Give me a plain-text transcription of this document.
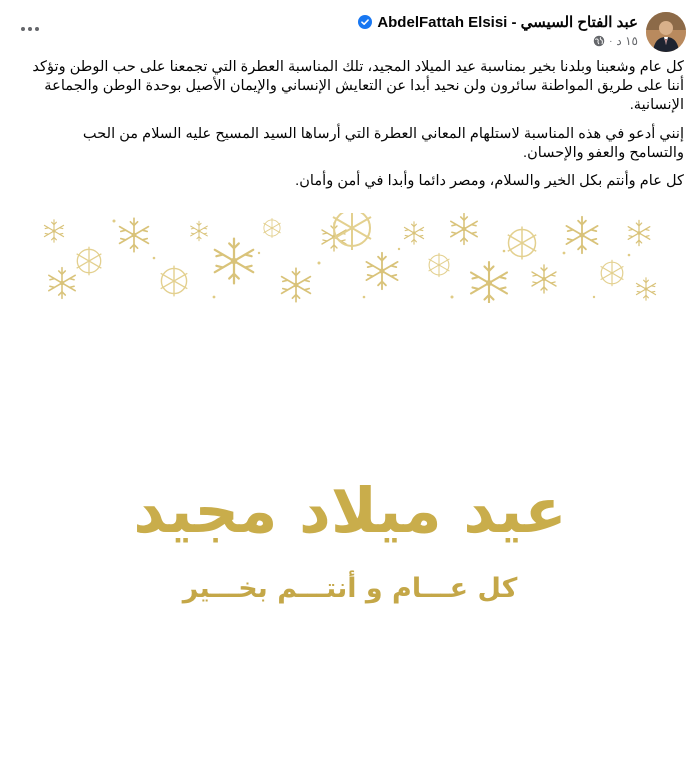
AbdelFattah Elsisi - عبد الفتاح السيسي
١٥ د
·

كل عام وشعبنا وبلدنا بخير بمناسبة عيد الميلاد المجيد، تلك المناسبة العطرة التي تجمعنا على حب الوطن وتؤكد أننا على طريق المواطنة سائرون ولن نحيد أبدا عن التعايش الإنساني والإيمان الأصيل بوحدة الوطن والجماعة الإنسانية.

إنني أدعو في هذه المناسبة لاستلهام المعاني العطرة التي أرساها السيد المسيح عليه السلام من الحب والتسامح والعفو والإحسان.

كل عام وأنتم بكل الخير والسلام، ومصر دائما وأبدا في أمن وأمان.

عيد ميلاد مجيد
كل عـــام و أنتـــم بخـــير
